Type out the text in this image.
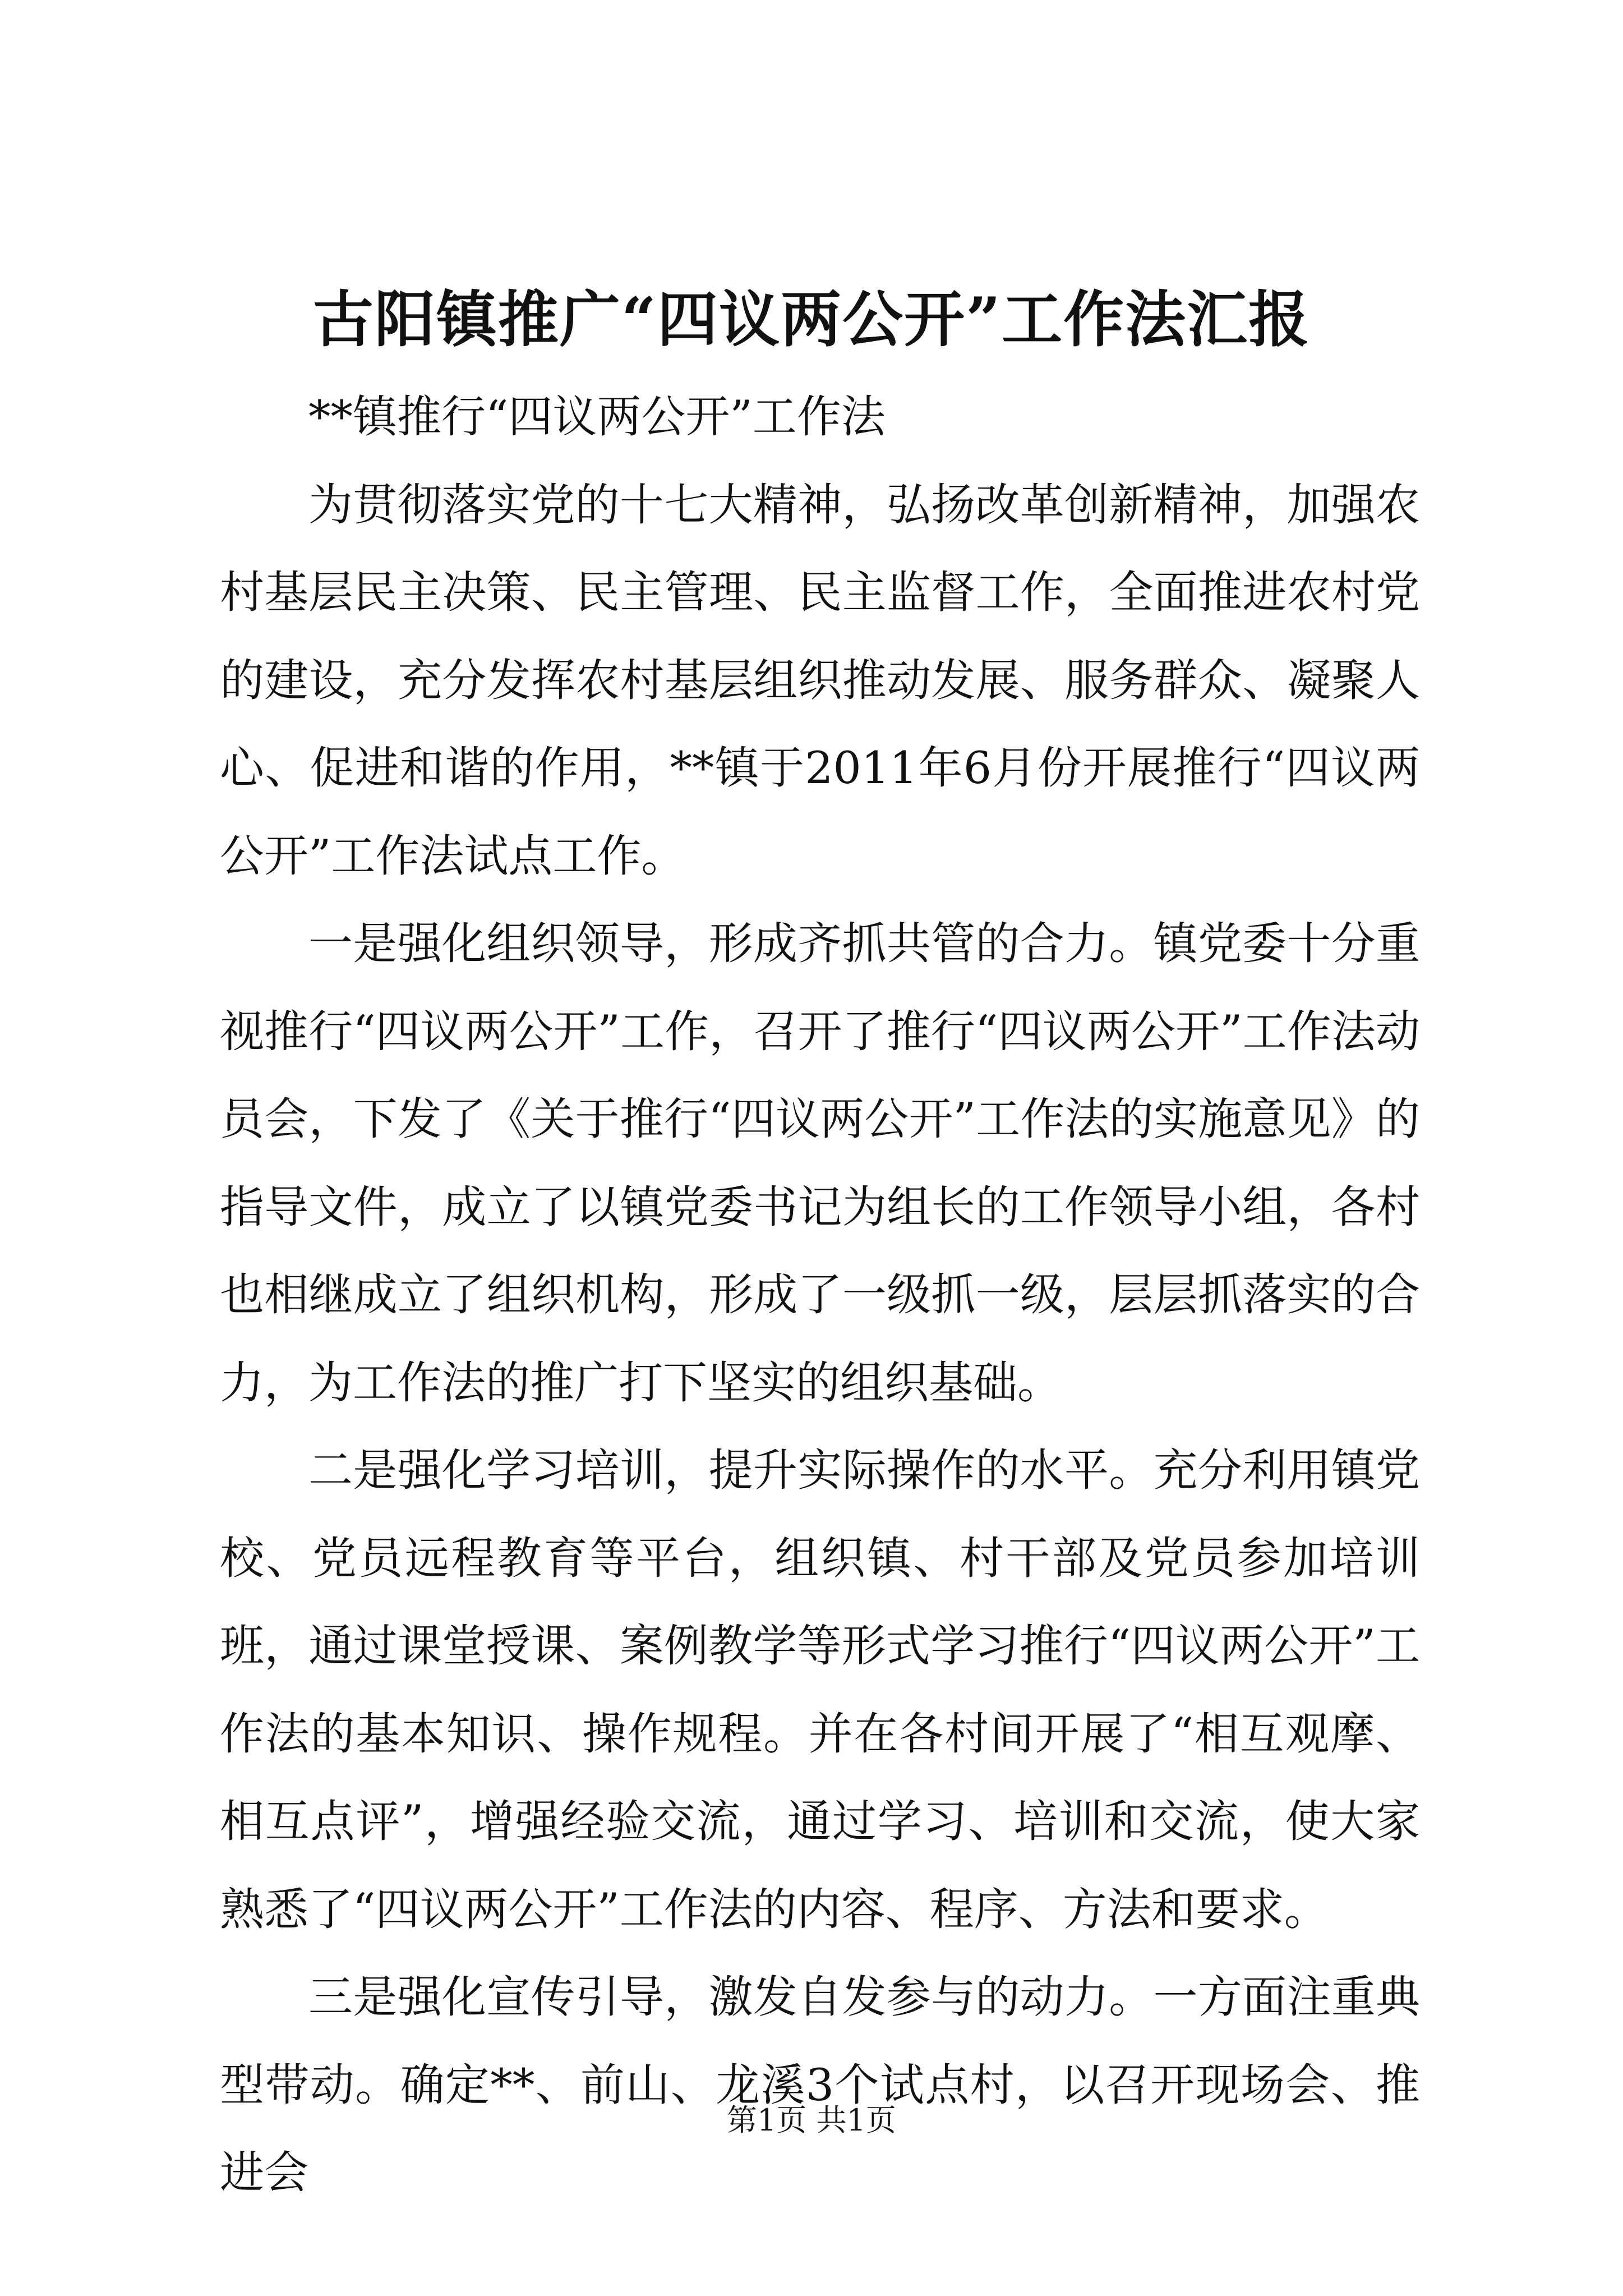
古阳镇推广“四议两公开”工作法汇报

**镇推行“四议两公开”工作法

为贯彻落实党的十七大精神，弘扬改革创新精神，加强农村基层民主决策、民主管理、民主监督工作，全面推进农村党的建设，充分发挥农村基层组织推动发展、服务群众、凝聚人心、促进和谐的作用，**镇于2011年6月份开展推行“四议两公开”工作法试点工作。

一是强化组织领导，形成齐抓共管的合力。镇党委十分重视推行“四议两公开”工作，召开了推行“四议两公开”工作法动员会，下发了《关于推行“四议两公开”工作法的实施意见》的指导文件，成立了以镇党委书记为组长的工作领导小组，各村也相继成立了组织机构，形成了一级抓一级，层层抓落实的合力，为工作法的推广打下坚实的组织基础。

二是强化学习培训，提升实际操作的水平。充分利用镇党校、党员远程教育等平台，组织镇、村干部及党员参加培训班，通过课堂授课、案例教学等形式学习推行“四议两公开”工作法的基本知识、操作规程。并在各村间开展了“相互观摩、相互点评”，增强经验交流，通过学习、培训和交流，使大家熟悉了“四议两公开”工作法的内容、程序、方法和要求。

三是强化宣传引导，激发自发参与的动力。一方面注重典型带动。确定**、前山、龙溪3个试点村，以召开现场会、推进会

第1页 共1页
